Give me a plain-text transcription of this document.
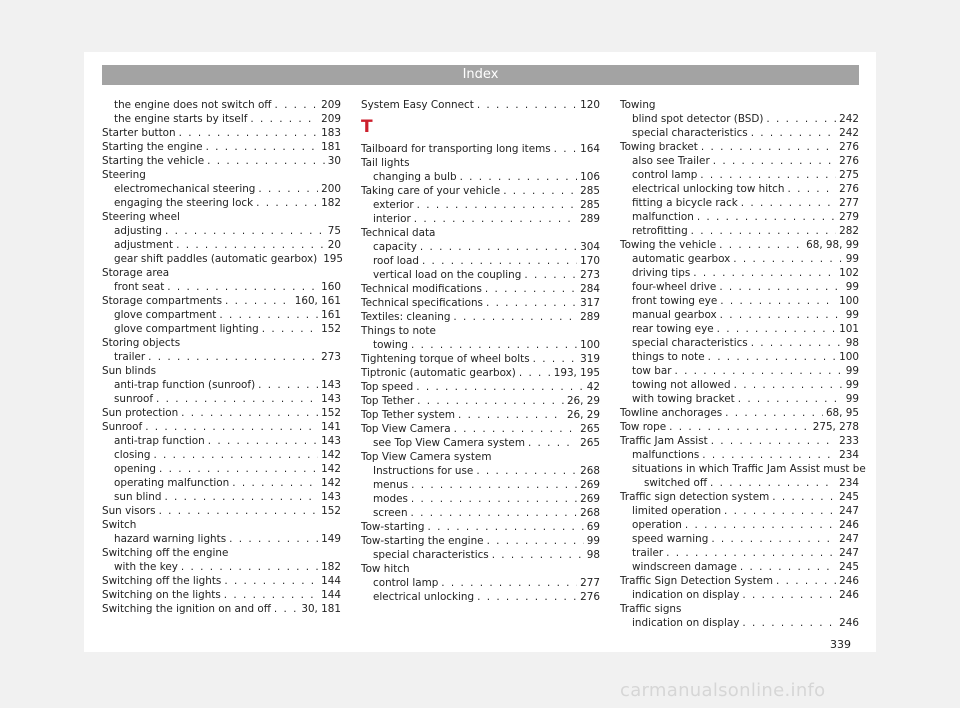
Index
the engine does not switch off . . .	209
the engine starts by itself . . .	209
Starter button . . .	183
Starting the engine . . .	181
Starting the vehicle . . .	30
Steering
electromechanical steering . . .	200
engaging the steering lock . . .	182
Steering wheel
adjusting . . .	75
adjustment . . .	20
gear shift paddles (automatic gearbox) 195
Storage area
front seat . . .	160
Storage compartments . . .	160, 161
glove compartment . . .	161
glove compartment lighting . . .	152
Storing objects
trailer . . .	273
Sun blinds
anti-trap function (sunroof) . . .	143
sunroof . . .	143
Sun protection . . .	152
Sunroof . . .	141
anti-trap function . . .	143
closing . . .	142
opening . . .	142
operating malfunction . . .	142
sun blind . . .	143
Sun visors . . .	152
Switch
hazard warning lights . . .	149
Switching off the engine
with the key . . .	182
Switching off the lights . . .	144
Switching on the lights . . .	144
Switching the ignition on and off . . .	30, 181
System Easy Connect . . .	120
T
Tailboard for transporting long items . . .	164
Tail lights
changing a bulb . . .	106
Taking care of your vehicle . . .	285
exterior . . .	285
interior . . .	289
Technical data
capacity . . .	304
roof load . . .	170
vertical load on the coupling . . .	273
Technical modifications . . .	284
Technical specifications . . .	317
Textiles: cleaning . . .	289
Things to note
towing . . .	100
Tightening torque of wheel bolts . . .	319
Tiptronic (automatic gearbox) . . .	193, 195
Top speed . . .	42
Top Tether . . .	26, 29
Top Tether system . . .	26, 29
Top View Camera . . .	265
see Top View Camera system . . .	265
Top View Camera system
Instructions for use . . .	268
menus . . .	269
modes . . .	269
screen . . .	268
Tow-starting . . .	69
Tow-starting the engine . . .	99
special characteristics . . .	98
Tow hitch
control lamp . . .	277
electrical unlocking . . .	276
Towing
blind spot detector (BSD) . . .	242
special characteristics . . .	242
Towing bracket . . .	276
also see Trailer . . .	276
control lamp . . .	275
electrical unlocking tow hitch . . .	276
fitting a bicycle rack . . .	277
malfunction . . .	279
retrofitting . . .	282
Towing the vehicle . . .	68, 98, 99
automatic gearbox . . .	99
driving tips . . .	102
four-wheel drive . . .	99
front towing eye . . .	100
manual gearbox . . .	99
rear towing eye . . .	101
special characteristics . . .	98
things to note . . .	100
tow bar . . .	99
towing not allowed . . .	99
with towing bracket . . .	99
Towline anchorages . . .	68, 95
Tow rope . . .	275, 278
Traffic Jam Assist . . .	233
malfunctions . . .	234
situations in which Traffic Jam Assist must be
switched off . . .	234
Traffic sign detection system . . .	245
limited operation . . .	247
operation . . .	246
speed warning . . .	247
trailer . . .	247
windscreen damage . . .	245
Traffic Sign Detection System . . .	246
indication on display . . .	246
Traffic signs
indication on display . . .	246
339
carmanualsonline.info
